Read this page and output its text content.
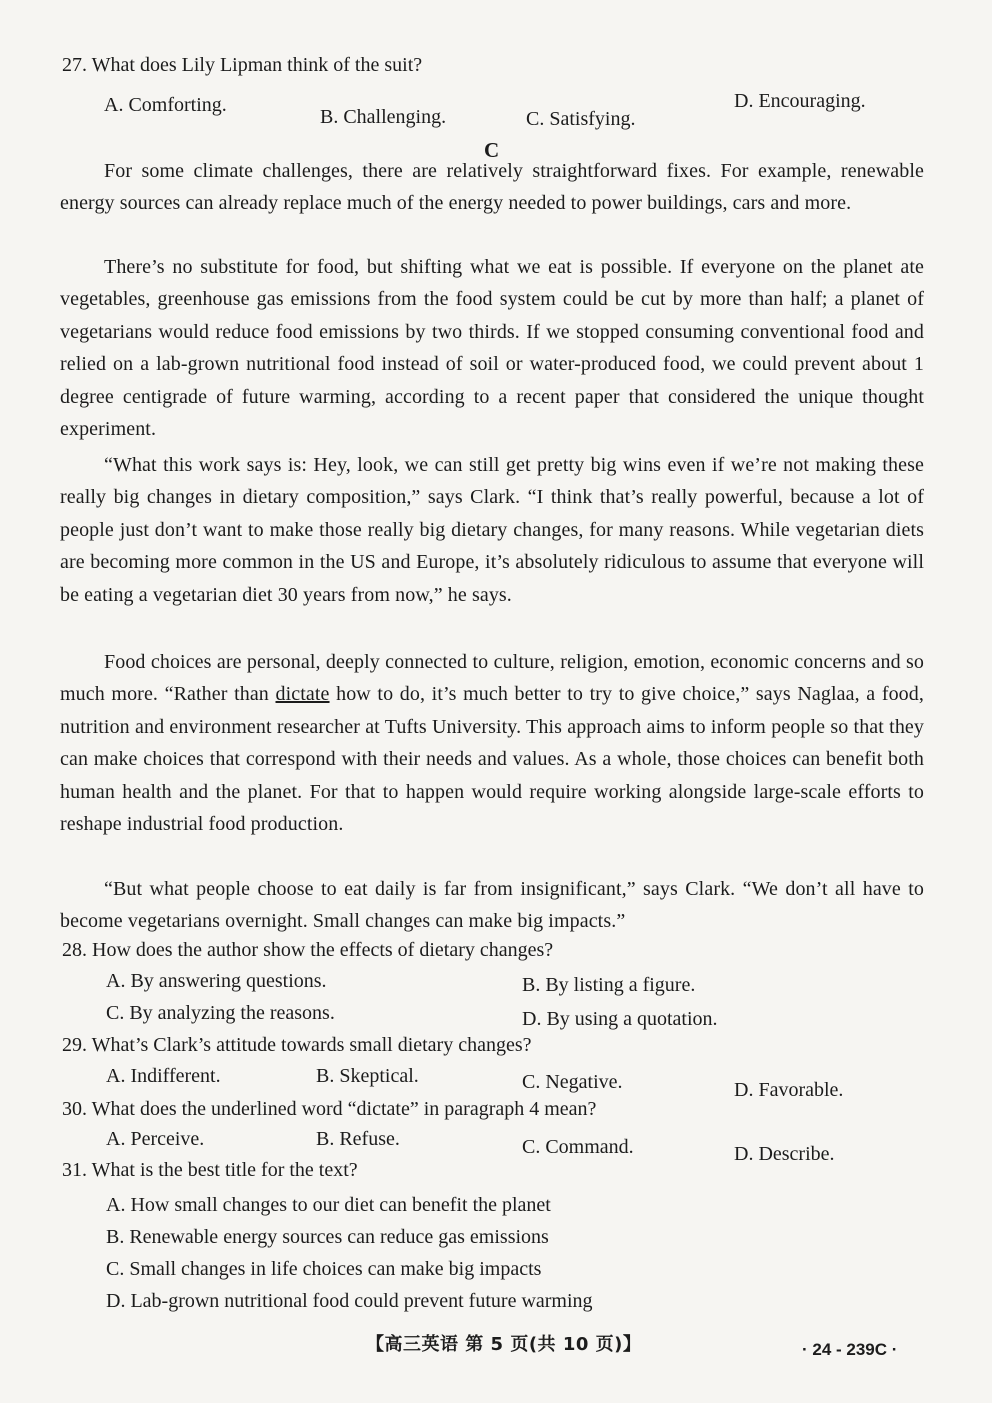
27. What does Lily Lipman think of the suit?
A. Comforting.
B. Challenging.	C. Satisfying.
D. Encouraging.
C
For some climate challenges, there are relatively straightforward fixes. For example, renewable energy sources can already replace much of the energy needed to power buildings, cars and more.
There’s no substitute for food, but shifting what we eat is possible. If everyone on the planet ate vegetables, greenhouse gas emissions from the food system could be cut by more than half; a planet of vegetarians would reduce food emissions by two thirds. If we stopped consuming conventional food and relied on a lab-grown nutritional food instead of soil or water-produced food, we could prevent about 1 degree centigrade of future warming, according to a recent paper that considered the unique thought experiment.
“What this work says is: Hey, look, we can still get pretty big wins even if we’re not making these really big changes in dietary composition,” says Clark. “I think that’s really powerful, because a lot of people just don’t want to make those really big dietary changes, for many reasons. While vegetarian diets are becoming more common in the US and Europe, it’s absolutely ridiculous to assume that everyone will be eating a vegetarian diet 30 years from now,” he says.
Food choices are personal, deeply connected to culture, religion, emotion, economic concerns and so much more. “Rather than dictate how to do, it’s much better to try to give choice,” says Naglaa, a food, nutrition and environment researcher at Tufts University. This approach aims to inform people so that they can make choices that correspond with their needs and values. As a whole, those choices can benefit both human health and the planet. For that to happen would require working alongside large-scale efforts to reshape industrial food production.
“But what people choose to eat daily is far from insignificant,” says Clark. “We don’t all have to become vegetarians overnight. Small changes can make big impacts.”
28. How does the author show the effects of dietary changes?
A. By answering questions.	B. By listing a figure.
C. By analyzing the reasons.	D. By using a quotation.
29. What’s Clark’s attitude towards small dietary changes?
A. Indifferent.	B. Skeptical.	C. Negative.	D. Favorable.
30. What does the underlined word “dictate” in paragraph 4 mean?
A. Perceive.	B. Refuse.	C. Command.	D. Describe.
31. What is the best title for the text?
A. How small changes to our diet can benefit the planet
B. Renewable energy sources can reduce gas emissions
C. Small changes in life choices can make big impacts
D. Lab-grown nutritional food could prevent future warming
【高三英语 第 5 页(共 10 页)】	· 24 - 239C ·
